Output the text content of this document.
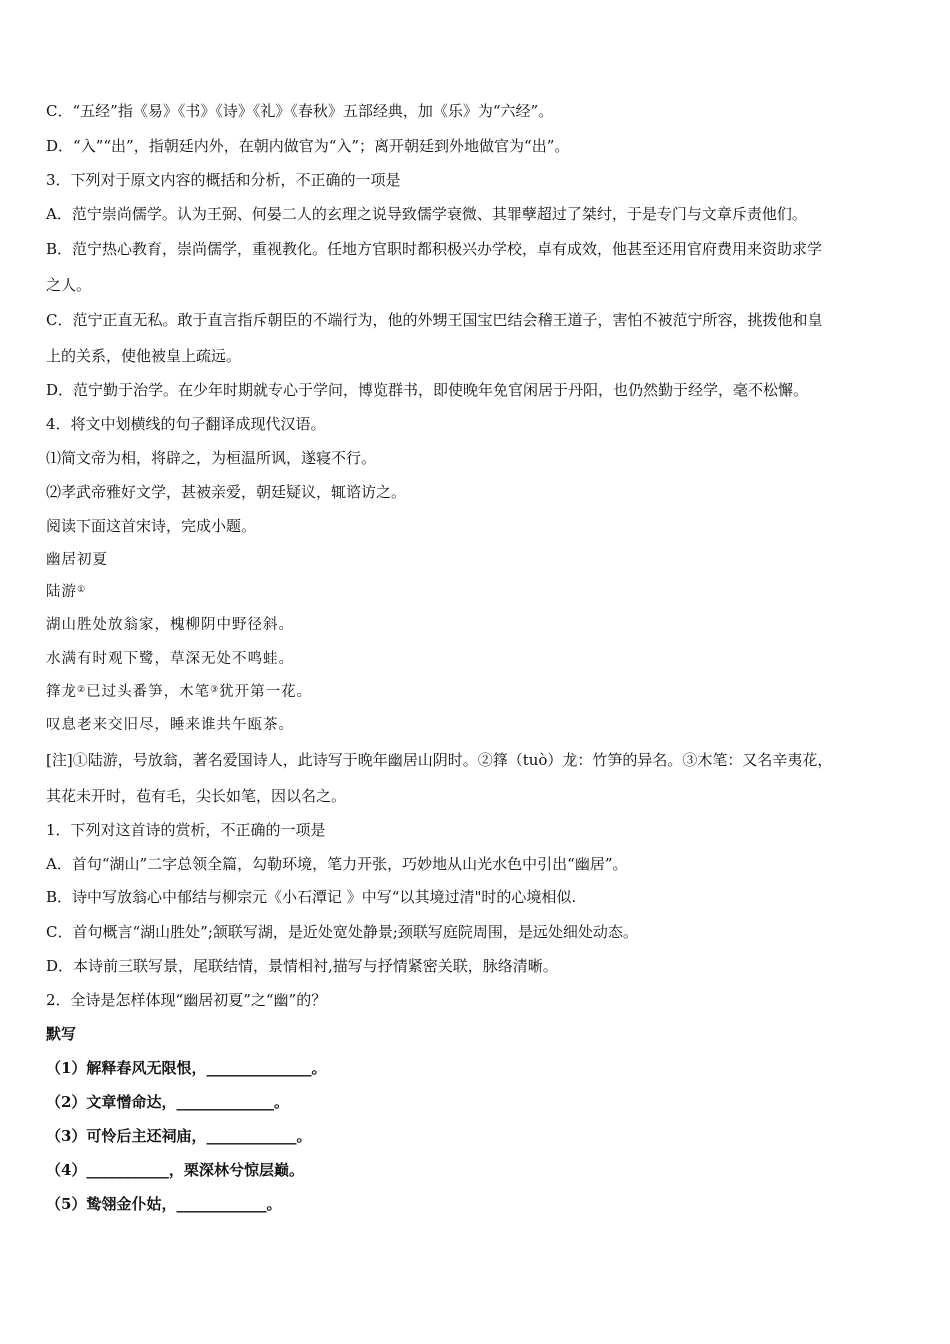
C．“五经”指《易》《书》《诗》《礼》《春秋》五部经典，加《乐》为“六经”。
D．“入”“出”，指朝廷内外，在朝内做官为“入”；离开朝廷到外地做官为“出”。
3．下列对于原文内容的概括和分析，不正确的一项是
A．范宁崇尚儒学。认为王弼、何晏二人的玄理之说导致儒学衰微、其罪孽超过了桀纣，于是专门与文章斥责他们。
B．范宁热心教育，崇尚儒学，重视教化。任地方官职时都积极兴办学校，卓有成效，他甚至还用官府费用来资助求学
之人。
C．范宁正直无私。敢于直言指斥朝臣的不端行为，他的外甥王国宝巴结会稽王道子，害怕不被范宁所容，挑拨他和皇
上的关系，使他被皇上疏远。
D．范宁勤于治学。在少年时期就专心于学问，博览群书，即使晚年免官闲居于丹阳，也仍然勤于经学，毫不松懈。
4．将文中划横线的句子翻译成现代汉语。
⑴简文帝为相，将辟之，为桓温所讽，遂寝不行。
⑵孝武帝雅好文学，甚被亲爱，朝廷疑议，辄谘访之。
阅读下面这首宋诗，完成小题。
幽居初夏
陆游①
湖山胜处放翁家，槐柳阴中野径斜。
水满有时观下鹭，草深无处不鸣蛙。
箨龙②已过头番笋，木笔③犹开第一花。
叹息老来交旧尽，睡来谁共午瓯茶。
[注]①陆游，号放翁，著名爱国诗人，此诗写于晚年幽居山阴时。②箨（tuò）龙：竹笋的异名。③木笔：又名辛夷花，
其花未开时，苞有毛，尖长如笔，因以名之。
1．下列对这首诗的赏析，不正确的一项是
A．首句“湖山”二字总领全篇，勾勒环境，笔力开张，巧妙地从山光水色中引出“幽居”。
B．诗中写放翁心中郁结与柳宗元《小石潭记 》中写“以其境过清"时的心境相似.
C．首句概言“湖山胜处”;颔联写湖，是近处宽处静景;颈联写庭院周围，是远处细处动态。
D．本诗前三联写景，尾联结情，景情相衬,描写与抒情紧密关联，脉络清晰。
2．全诗是怎样体现“幽居初夏”之“幽”的？
默写
（1）解释春风无限恨，______________。
（2）文章憎命达，_____________。
（3）可怜后主还祠庙，____________。
（4）___________，栗深林兮惊层巅。
（5）鸷翎金仆姑，____________。
